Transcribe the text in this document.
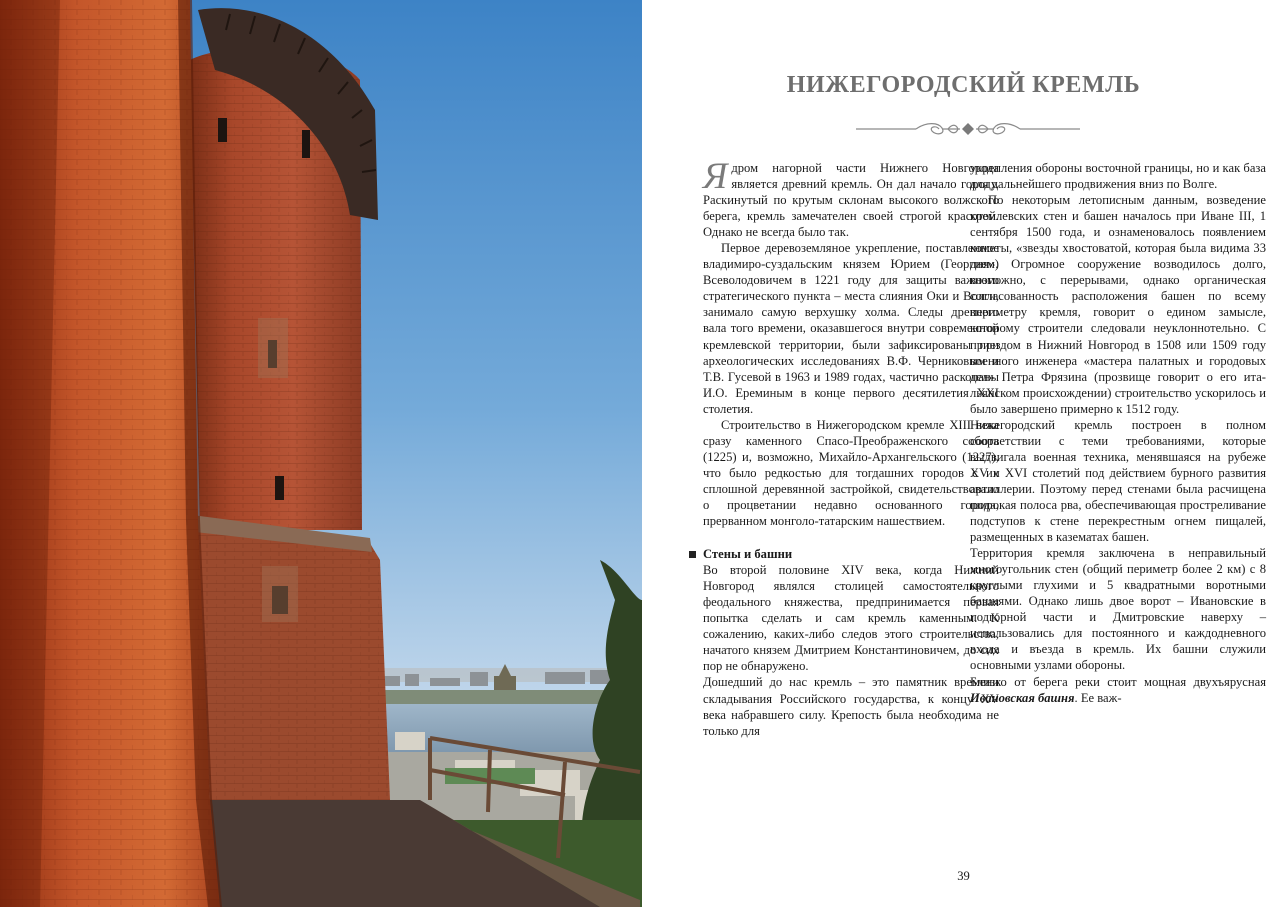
НИЖЕГОРОДСКИЙ КРЕМЛЬ

Ядром нагорной части Нижнего Новгорода является древний кремль. Он дал начало городу. Раскинутый по крутым склонам высокого волжского берега, кремль замечателен своей строгой красотой. Однако не всегда было так.

Первое деревоземляное укрепление, поставленное владимиро-суздальским князем Юрием (Георгием) Всеволодовичем в 1221 году для защиты важного стратегического пункта – места слияния Оки и Волги, занимало самую верхушку холма. Следы древнего вала того времени, оказавшегося внутри современной кремлевской территории, были зафиксированы при археологических исследованиях В.Ф. Черниковым и Т.В. Гусевой в 1963 и 1989 годах, частично раскопаны И.О. Ереминым в конце первого десятилетия XXI столетия.

Строительство в Нижегородском кремле XIII века сразу каменного Спасо-Преображенского собора (1225) и, возможно, Михайло-Архангельского (1227), что было редкостью для тогдашних городов с их сплошной деревянной застройкой, свидетельствовало о процветании недавно основанного города, прерванном монголо-татарским нашествием.

Стены и башни

Во второй половине XIV века, когда Нижний Новгород являлся столицей самостоятельного феодального княжества, предпринимается первая попытка сделать и сам кремль каменным. К сожалению, каких-либо следов этого строительства, начатого князем Дмитрием Константиновичем, до сих пор не обнаружено.

Дошедший до нас кремль – это памятник времени складывания Российского государства, к концу XV века набравшего силу. Крепость была необходима не только для

укрепления обороны восточной границы, но и как база для дальнейшего продвижения вниз по Волге.

По некоторым летописным данным, возведение кремлевских стен и башен началось при Иване III, 1 сентября 1500 года, и ознаменовалось появлением кометы, «звезды хвостоватой, которая была видима 33 дня». Огромное сооружение возводилось долго, возможно, с перерывами, однако органическая согласованность расположения башен по всему периметру кремля, говорит о едином замысле, которому строители следовали неуклоннотельно. С приездом в Нижний Новгород в 1508 или 1509 году военного инженера «мастера палатных и городовых дел» Петра Фрязина (прозвище говорит о его итальянском происхождении) строительство ускорилось и было завершено примерно к 1512 году.

Нижегородский кремль построен в полном соответствии с теми требованиями, которые выдвигала военная техника, менявшаяся на рубеже XV и XVI столетий под действием бурного развития артиллерии. Поэтому перед стенами была расчищена широкая полоса рва, обеспечивающая простреливание подступов к стене перекрестным огнем пищалей, размещенных в казематах башен.

Территория кремля заключена в неправильный многоугольник стен (общий периметр более 2 км) с 8 круглыми глухими и 5 квадратными воротными башнями. Однако лишь двое ворот – Ивановские в подгорной части и Дмитровские наверху – использовались для постоянного и каждодневного входа и въезда в кремль. Их башни служили основными узлами обороны.

Близко от берега реки стоит мощная двухъярусная Ивановская башня. Ее важ-

39
